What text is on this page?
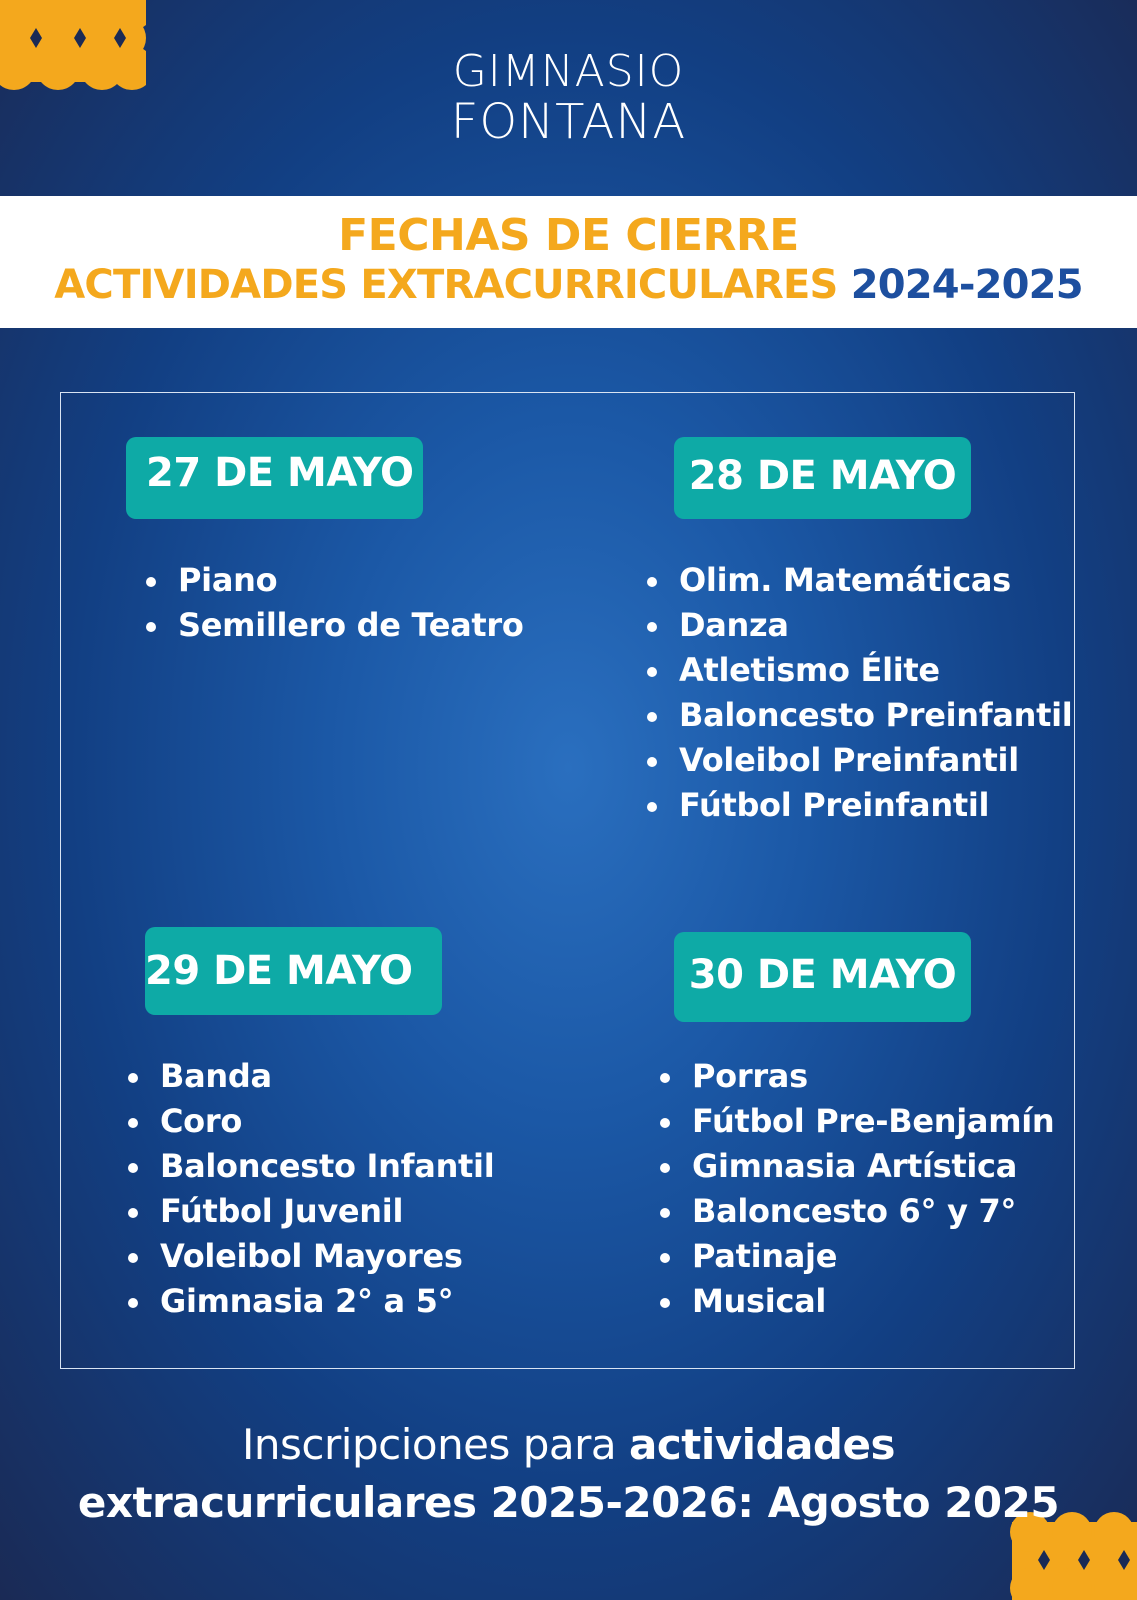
GIMNASIO
FONTANA
FECHAS DE CIERRE
ACTIVIDADES EXTRACURRICULARES 2024-2025
27 DE MAYO	28 DE MAYO
29 DE MAYO	30 DE MAYO
Piano
Semillero de Teatro
Olim. Matemáticas
Danza
Atletismo Élite
Baloncesto Preinfantil
Voleibol Preinfantil
Fútbol Preinfantil
Banda
Coro
Baloncesto Infantil
Fútbol Juvenil
Voleibol Mayores
Gimnasia 2° a 5°
Porras
Fútbol Pre-Benjamín
Gimnasia Artística
Baloncesto 6° y 7°
Patinaje
Musical
Inscripciones para actividades
extracurriculares 2025-2026: Agosto 2025
